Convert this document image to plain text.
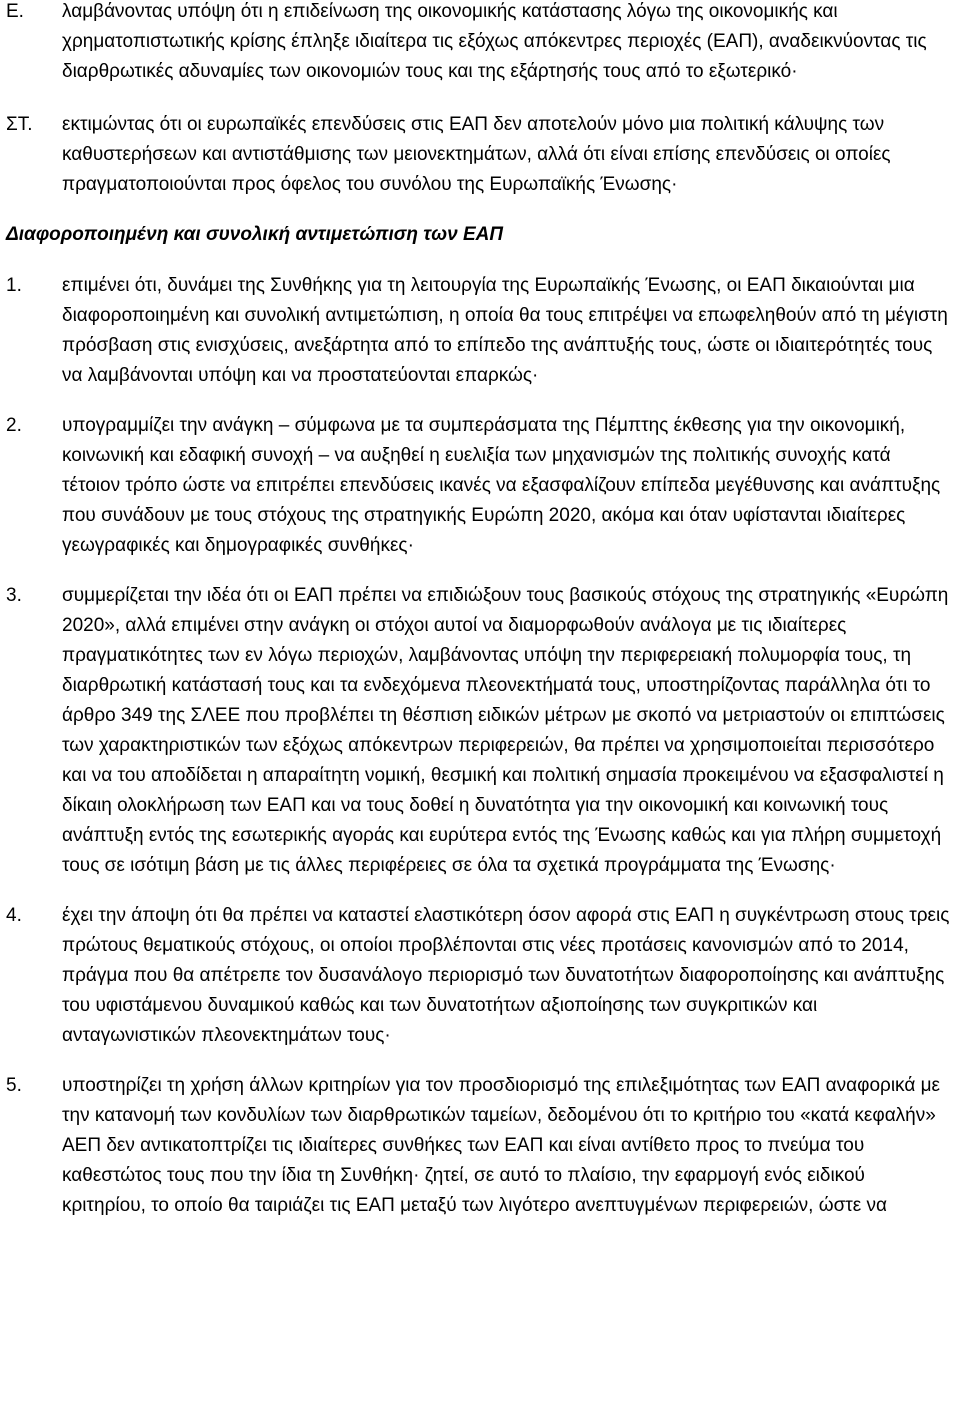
Ε.	λαμβάνοντας υπόψη ότι η επιδείνωση της οικονομικής κατάστασης λόγω της οικονομικής και χρηματοπιστωτικής κρίσης έπληξε ιδιαίτερα τις εξόχως απόκεντρες περιοχές (ΕΑΠ), αναδεικνύοντας τις διαρθρωτικές αδυναμίες των οικονομιών τους και της εξάρτησής τους από το εξωτερικό·
ΣΤ.	εκτιμώντας ότι οι ευρωπαϊκές επενδύσεις στις ΕΑΠ δεν αποτελούν μόνο μια πολιτική κάλυψης των καθυστερήσεων και αντιστάθμισης των μειονεκτημάτων, αλλά ότι είναι επίσης επενδύσεις οι οποίες πραγματοποιούνται προς όφελος του συνόλου της Ευρωπαϊκής Ένωσης·
Διαφοροποιημένη και συνολική αντιμετώπιση των ΕΑΠ
1.	επιμένει ότι, δυνάμει της Συνθήκης για τη λειτουργία της Ευρωπαϊκής Ένωσης, οι ΕΑΠ δικαιούνται μια διαφοροποιημένη και συνολική αντιμετώπιση, η οποία θα τους επιτρέψει να επωφεληθούν από τη μέγιστη πρόσβαση στις ενισχύσεις, ανεξάρτητα από το επίπεδο της ανάπτυξής τους, ώστε οι ιδιαιτερότητές τους να λαμβάνονται υπόψη και να προστατεύονται επαρκώς·
2.	υπογραμμίζει την ανάγκη – σύμφωνα με τα συμπεράσματα της Πέμπτης έκθεσης για την οικονομική, κοινωνική και εδαφική συνοχή – να αυξηθεί η ευελιξία των μηχανισμών της πολιτικής συνοχής κατά τέτοιον τρόπο ώστε να επιτρέπει επενδύσεις ικανές να εξασφαλίζουν επίπεδα μεγέθυνσης και ανάπτυξης που συνάδουν με τους στόχους της στρατηγικής Ευρώπη 2020, ακόμα και όταν υφίστανται ιδιαίτερες γεωγραφικές και δημογραφικές συνθήκες·
3.	συμμερίζεται την ιδέα ότι οι ΕΑΠ πρέπει να επιδιώξουν τους βασικούς στόχους της στρατηγικής «Ευρώπη 2020», αλλά επιμένει στην ανάγκη οι στόχοι αυτοί να διαμορφωθούν ανάλογα με τις ιδιαίτερες πραγματικότητες των εν λόγω περιοχών, λαμβάνοντας υπόψη την περιφερειακή πολυμορφία τους, τη διαρθρωτική κατάστασή τους και τα ενδεχόμενα πλεονεκτήματά τους, υποστηρίζοντας παράλληλα ότι το άρθρο 349 της ΣΛΕΕ που προβλέπει τη θέσπιση ειδικών μέτρων με σκοπό να μετριαστούν οι επιπτώσεις των χαρακτηριστικών των εξόχως απόκεντρων περιφερειών, θα πρέπει να χρησιμοποιείται περισσότερο και να του αποδίδεται η απαραίτητη νομική, θεσμική και πολιτική σημασία προκειμένου να εξασφαλιστεί η δίκαιη ολοκλήρωση των ΕΑΠ και να τους δοθεί η δυνατότητα για την οικονομική και κοινωνική τους ανάπτυξη εντός της εσωτερικής αγοράς και ευρύτερα εντός της Ένωσης καθώς και για πλήρη συμμετοχή τους σε ισότιμη βάση με τις άλλες περιφέρειες σε όλα τα σχετικά προγράμματα της Ένωσης·
4.	έχει την άποψη ότι θα πρέπει να καταστεί ελαστικότερη όσον αφορά στις ΕΑΠ η συγκέντρωση στους τρεις πρώτους θεματικούς στόχους, οι οποίοι προβλέπονται στις νέες προτάσεις κανονισμών από το 2014, πράγμα που θα απέτρεπε τον δυσανάλογο περιορισμό των δυνατοτήτων διαφοροποίησης και ανάπτυξης του υφιστάμενου δυναμικού καθώς και των δυνατοτήτων αξιοποίησης των συγκριτικών και ανταγωνιστικών πλεονεκτημάτων τους·
5.	υποστηρίζει τη χρήση άλλων κριτηρίων για τον προσδιορισμό της επιλεξιμότητας των ΕΑΠ αναφορικά με την κατανομή των κονδυλίων των διαρθρωτικών ταμείων, δεδομένου ότι το κριτήριο του «κατά κεφαλήν» ΑΕΠ δεν αντικατοπτρίζει τις ιδιαίτερες συνθήκες των ΕΑΠ και είναι αντίθετο προς το πνεύμα του καθεστώτος τους που την ίδια τη Συνθήκη· ζητεί, σε αυτό το πλαίσιο, την εφαρμογή ενός ειδικού κριτηρίου, το οποίο θα ταιριάζει τις ΕΑΠ μεταξύ των λιγότερο ανεπτυγμένων περιφερειών, ώστε να
